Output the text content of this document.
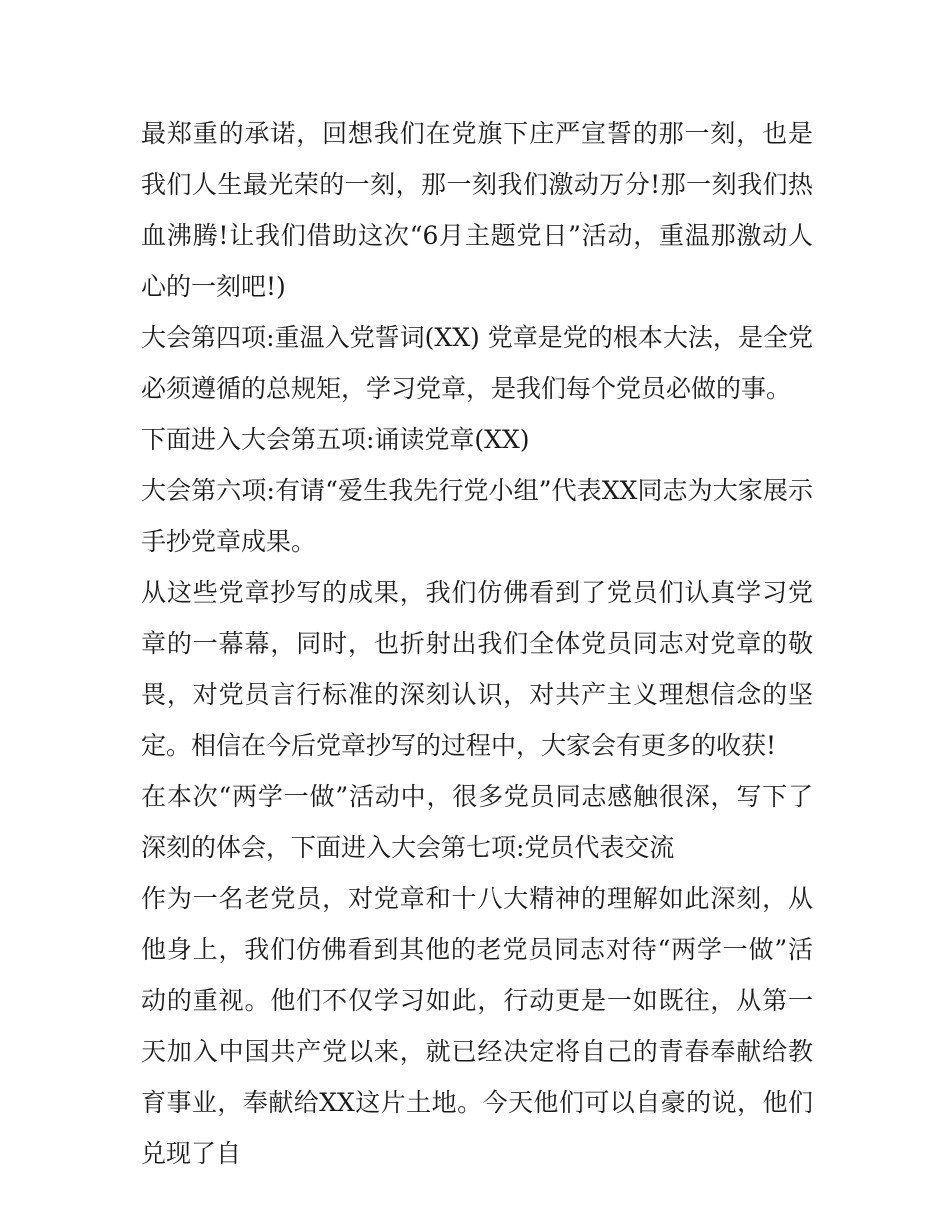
最郑重的承诺，回想我们在党旗下庄严宣誓的那一刻，也是我们人生最光荣的一刻，那一刻我们激动万分!那一刻我们热血沸腾!让我们借助这次“6月主题党日”活动，重温那激动人心的一刻吧!)

大会第四项:重温入党誓词(XX) 党章是党的根本大法，是全党必须遵循的总规矩，学习党章，是我们每个党员必做的事。

下面进入大会第五项:诵读党章(XX)

大会第六项:有请“爱生我先行党小组”代表XX同志为大家展示手抄党章成果。

从这些党章抄写的成果，我们仿佛看到了党员们认真学习党章的一幕幕，同时，也折射出我们全体党员同志对党章的敬畏，对党员言行标准的深刻认识，对共产主义理想信念的坚定。相信在今后党章抄写的过程中，大家会有更多的收获!

在本次“两学一做”活动中，很多党员同志感触很深，写下了深刻的体会，下面进入大会第七项:党员代表交流

作为一名老党员，对党章和十八大精神的理解如此深刻，从他身上，我们仿佛看到其他的老党员同志对待“两学一做”活动的重视。他们不仅学习如此，行动更是一如既往，从第一天加入中国共产党以来，就已经决定将自己的青春奉献给教育事业，奉献给XX这片土地。今天他们可以自豪的说，他们兑现了自
